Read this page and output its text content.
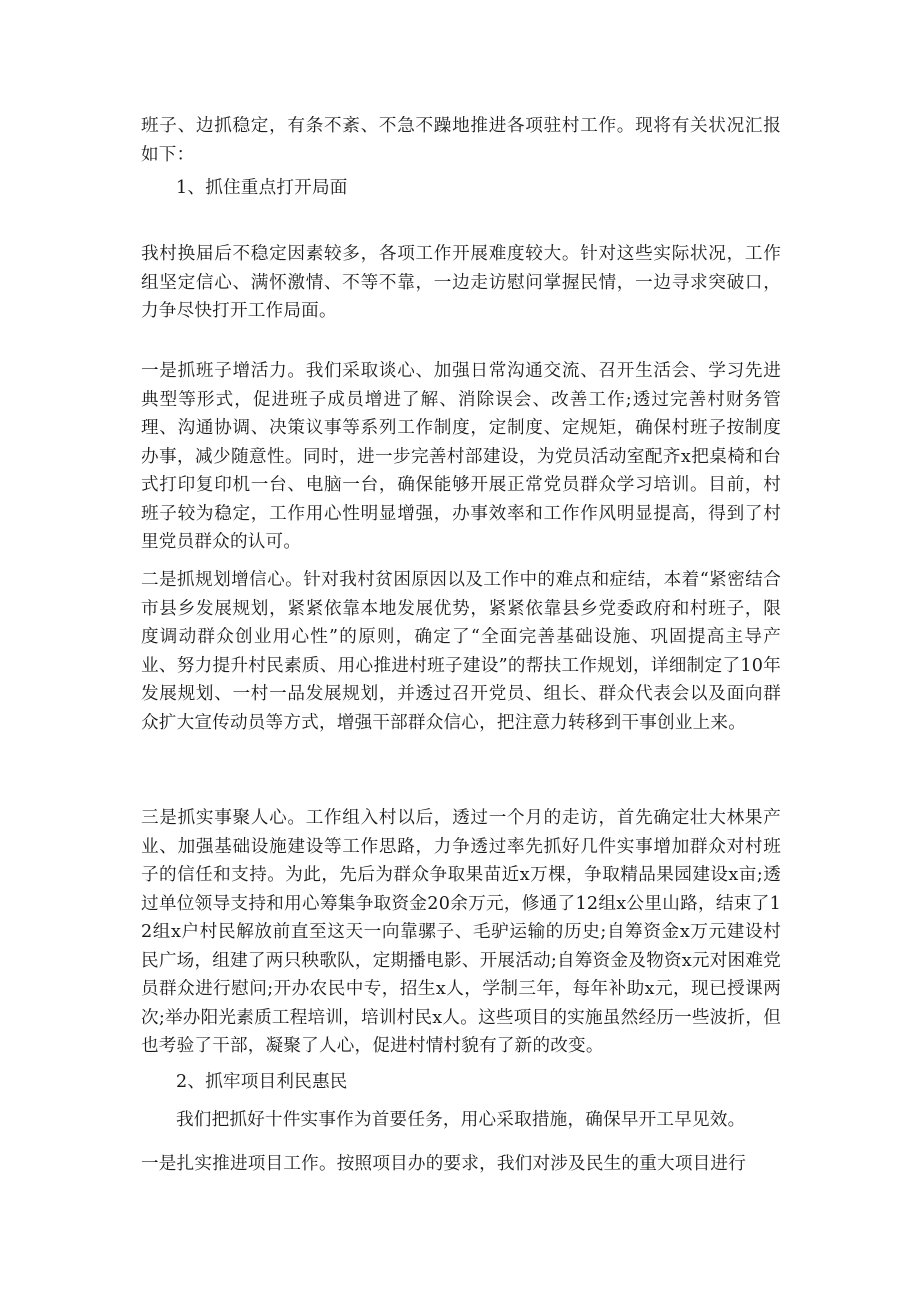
班子、边抓稳定，有条不紊、不急不躁地推进各项驻村工作。现将有关状况汇报如下：

1、抓住重点打开局面

我村换届后不稳定因素较多，各项工作开展难度较大。针对这些实际状况，工作组坚定信心、满怀激情、不等不靠，一边走访慰问掌握民情，一边寻求突破口，力争尽快打开工作局面。

一是抓班子增活力。我们采取谈心、加强日常沟通交流、召开生活会、学习先进典型等形式，促进班子成员增进了解、消除误会、改善工作;透过完善村财务管理、沟通协调、决策议事等系列工作制度，定制度、定规矩，确保村班子按制度办事，减少随意性。同时，进一步完善村部建设，为党员活动室配齐x把桌椅和台式打印复印机一台、电脑一台，确保能够开展正常党员群众学习培训。目前，村班子较为稳定，工作用心性明显增强，办事效率和工作作风明显提高，得到了村里党员群众的认可。

二是抓规划增信心。针对我村贫困原因以及工作中的难点和症结，本着“紧密结合市县乡发展规划，紧紧依靠本地发展优势，紧紧依靠县乡党委政府和村班子，限度调动群众创业用心性”的原则，确定了“全面完善基础设施、巩固提高主导产业、努力提升村民素质、用心推进村班子建设”的帮扶工作规划，详细制定了10年发展规划、一村一品发展规划，并透过召开党员、组长、群众代表会以及面向群众扩大宣传动员等方式，增强干部群众信心，把注意力转移到干事创业上来。

三是抓实事聚人心。工作组入村以后，透过一个月的走访，首先确定壮大林果产业、加强基础设施建设等工作思路，力争透过率先抓好几件实事增加群众对村班子的信任和支持。为此，先后为群众争取果苗近x万棵，争取精品果园建设x亩;透过单位领导支持和用心筹集争取资金20余万元，修通了12组x公里山路，结束了12组x户村民解放前直至这天一向靠骡子、毛驴运输的历史;自筹资金x万元建设村民广场，组建了两只秧歌队，定期播电影、开展活动;自筹资金及物资x元对困难党员群众进行慰问;开办农民中专，招生x人，学制三年，每年补助x元，现已授课两次;举办阳光素质工程培训，培训村民x人。这些项目的实施虽然经历一些波折，但也考验了干部，凝聚了人心，促进村情村貌有了新的改变。

2、抓牢项目利民惠民

我们把抓好十件实事作为首要任务，用心采取措施，确保早开工早见效。

一是扎实推进项目工作。按照项目办的要求，我们对涉及民生的重大项目进行
